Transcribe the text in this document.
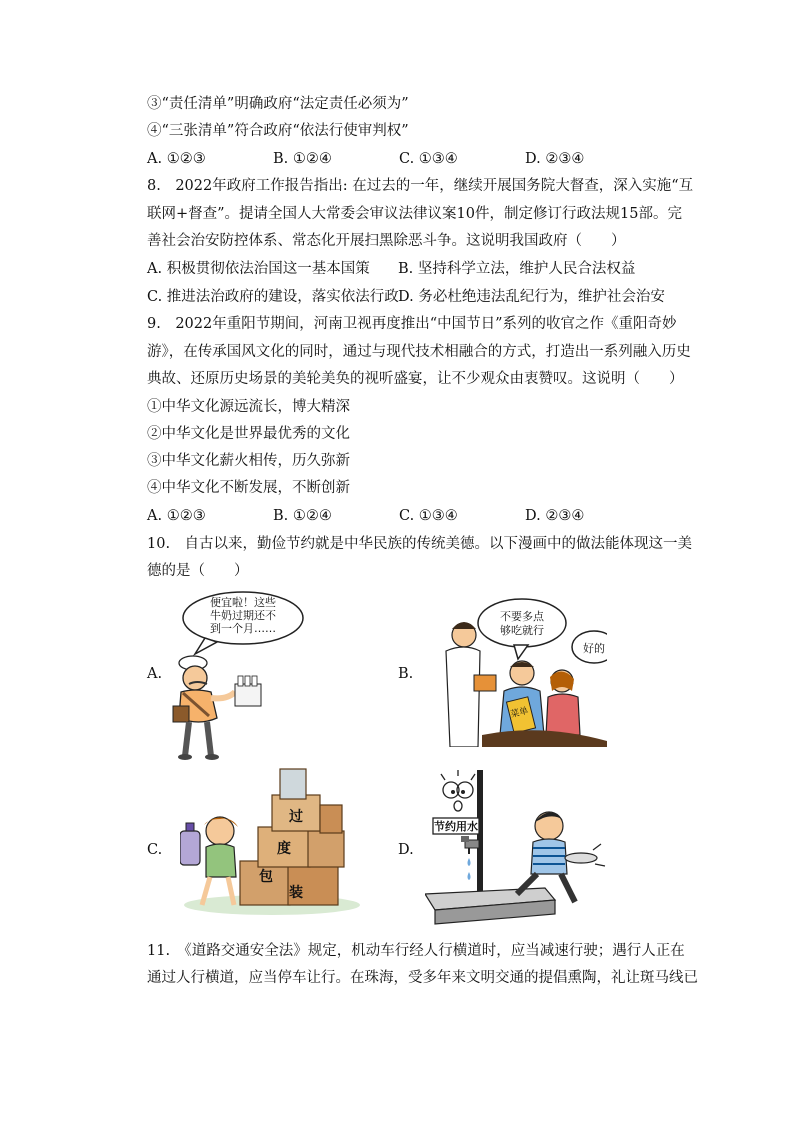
③“责任清单”明确政府“法定责任必须为”
④“三张清单”符合政府“依法行使审判权”
A. ①②③	B. ①②④	C. ①③④	D. ②③④
8.　2022年政府工作报告指出: 在过去的一年，继续开展国务院大督查，深入实施“互
联网+督查”。提请全国人大常委会审议法律议案10件，制定修订行政法规15部。完
善社会治安防控体系、常态化开展扫黑除恶斗争。这说明我国政府（　　）
A. 积极贯彻依法治国这一基本国策 B. 坚持科学立法，维护人民合法权益
C. 推进法治政府的建设，落实依法行政 D. 务必杜绝违法乱纪行为，维护社会治安
9.　2022年重阳节期间，河南卫视再度推出“中国节日”系列的收官之作《重阳奇妙
游》，在传承国风文化的同时，通过与现代技术相融合的方式，打造出一系列融入历史
典故、还原历史场景的美轮美奂的视听盛宴，让不少观众由衷赞叹。这说明（　　）
①中华文化源远流长，博大精深
②中华文化是世界最优秀的文化
③中华文化薪火相传，历久弥新
④中华文化不断发展，不断创新
A. ①②③	B. ①②④	C. ①③④	D. ②③④
10.　自古以来，勤俭节约就是中华民族的传统美德。以下漫画中的做法能体现这一美
德的是（　　）
A.	B.
C.	D.
便宜啦！这些
牛奶过期还不
到一个月……
不要多点
够吃就行
好的
菜单
过
度
包
装
节约用水
11.　《道路交通安全法》规定，机动车行经人行横道时，应当减速行驶；遇行人正在
通过人行横道，应当停车让行。在珠海，受多年来文明交通的提倡熏陶，礼让斑马线已
